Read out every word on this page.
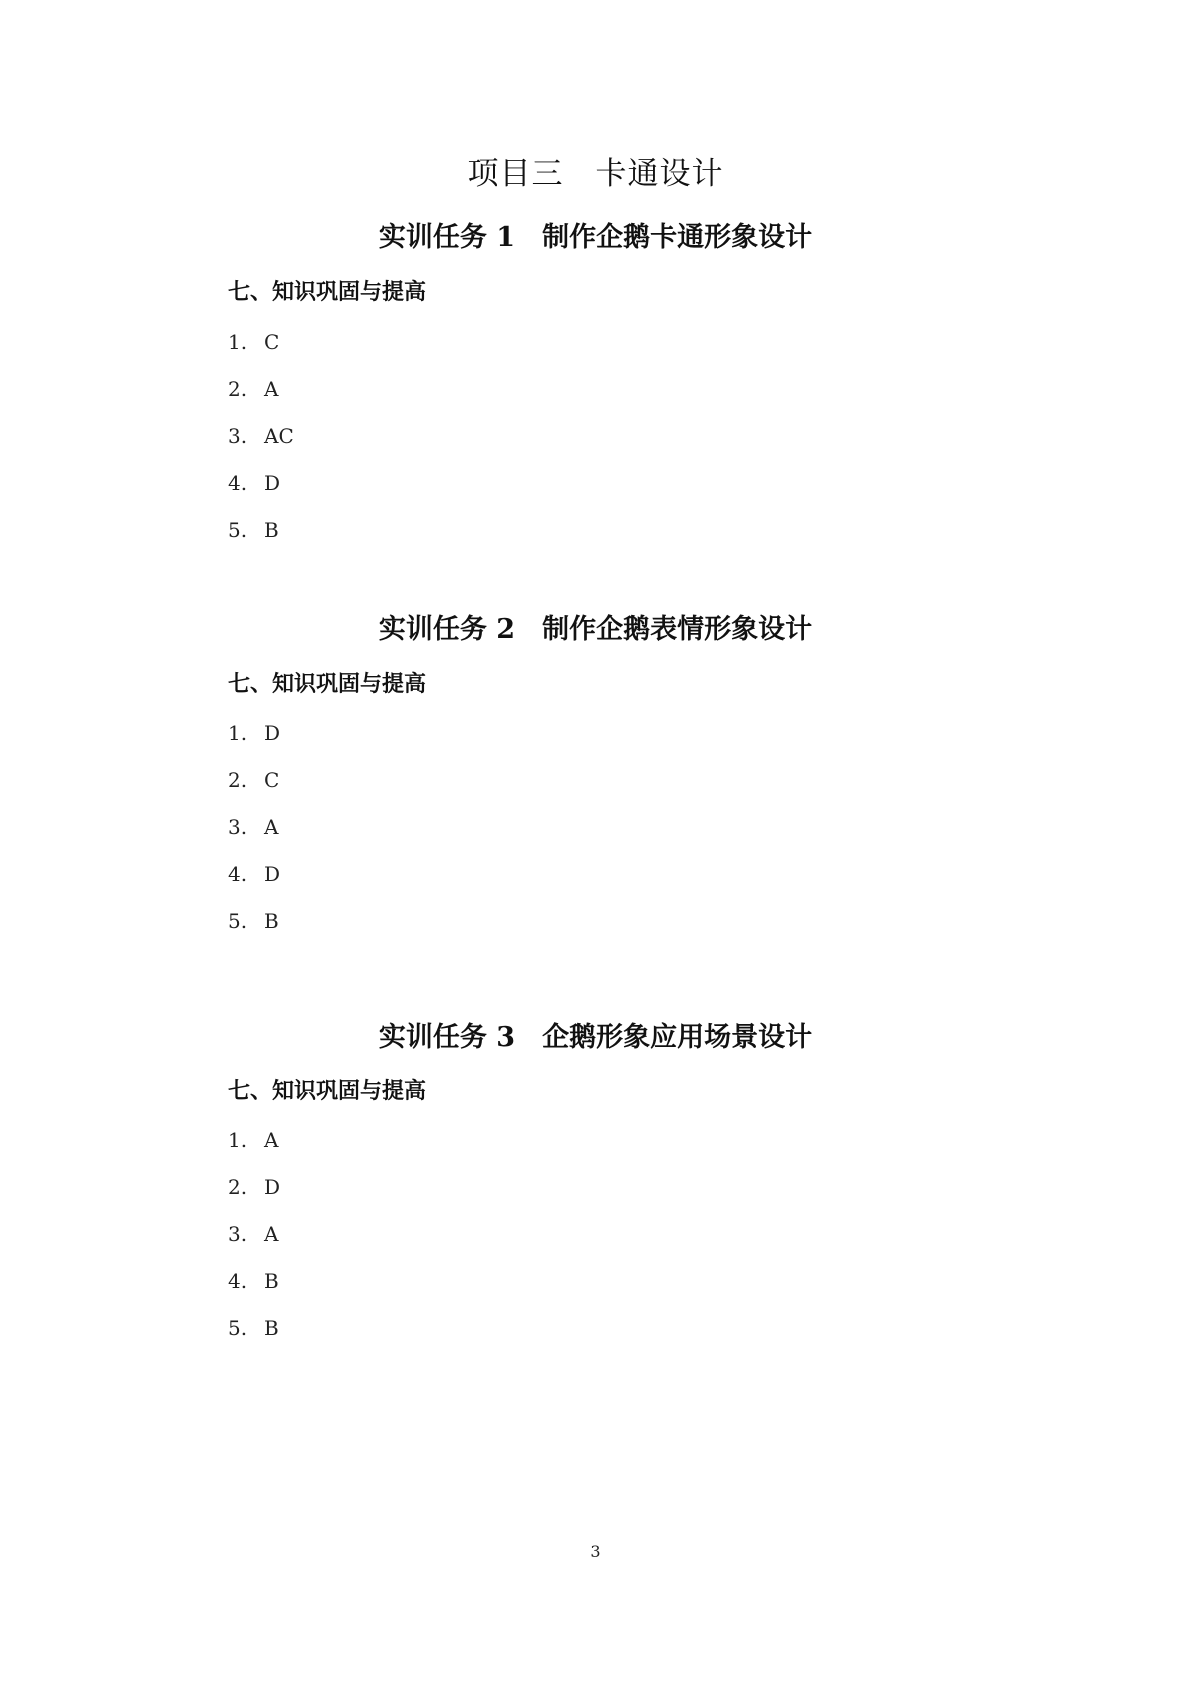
项目三　卡通设计
实训任务 1　制作企鹅卡通形象设计
七、知识巩固与提高
1. C
2. A
3. AC
4. D
5. B
实训任务 2　制作企鹅表情形象设计
七、知识巩固与提高
1. D
2. C
3. A
4. D
5. B
实训任务 3　企鹅形象应用场景设计
七、知识巩固与提高
1. A
2. D
3. A
4. B
5. B
3
